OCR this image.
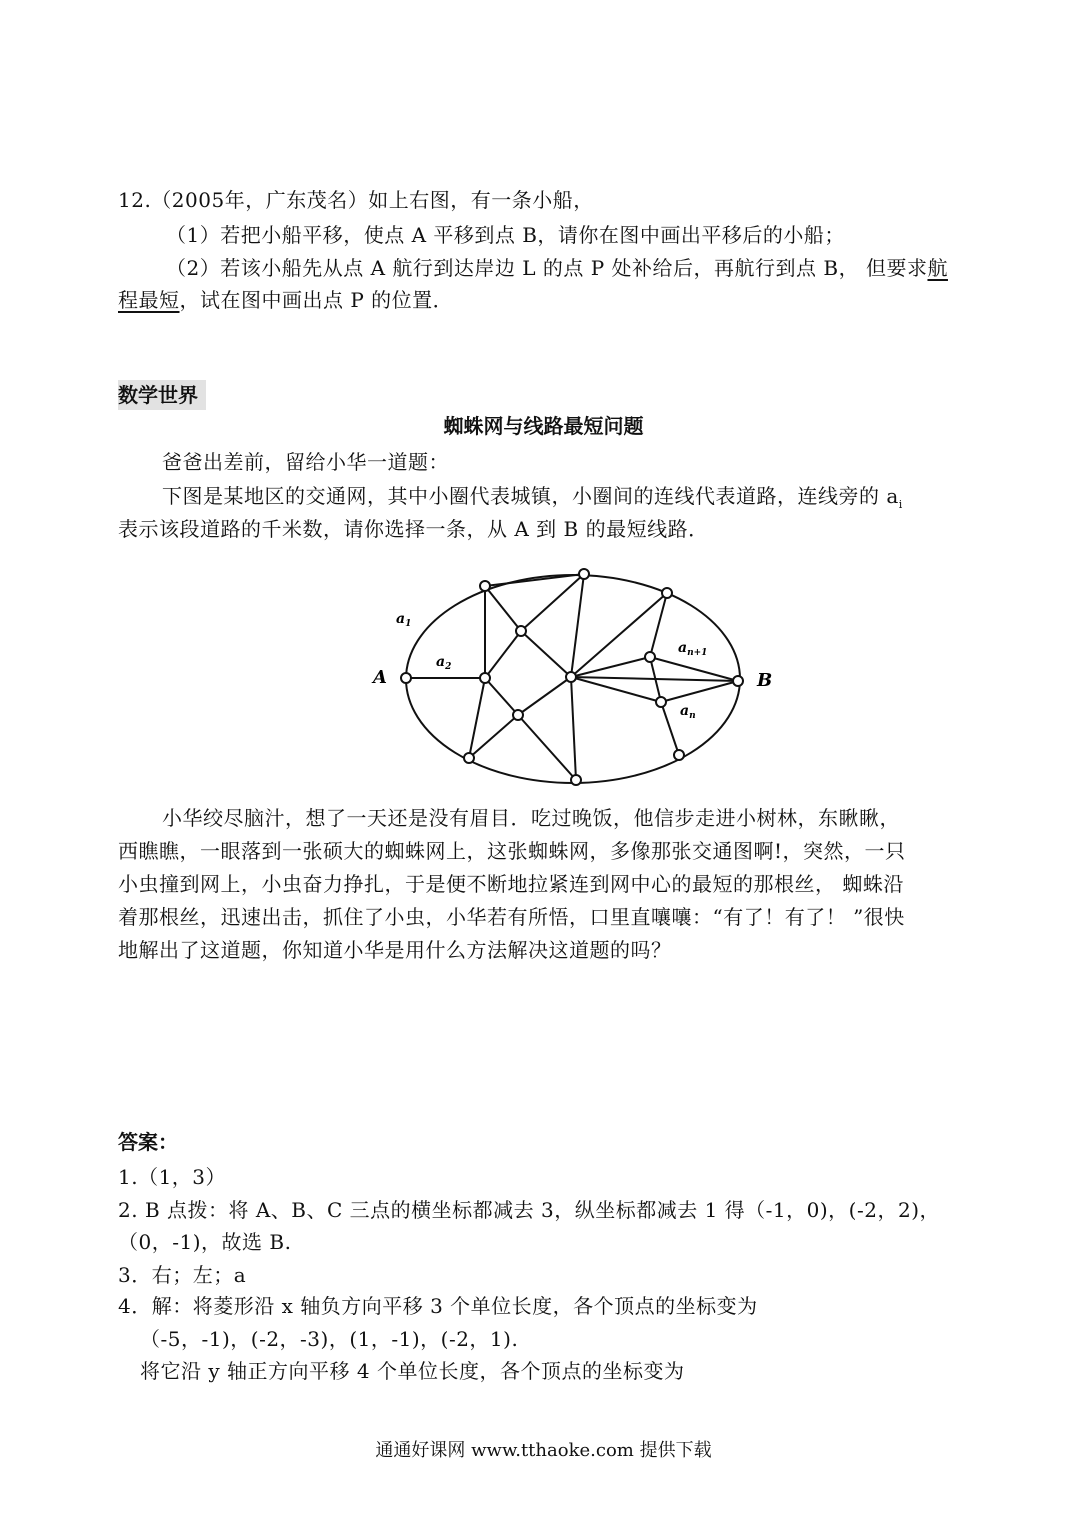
12.（2005年，广东茂名）如上右图，有一条小船，
（1）若把小船平移，使点 A 平移到点 B，请你在图中画出平移后的小船；
（2）若该小船先从点 A 航行到达岸边 L 的点 P 处补给后，再航行到点 B， 但要求航
程最短，试在图中画出点 P 的位置．
数学世界
蜘蛛网与线路最短问题
爸爸出差前，留给小华一道题：
下图是某地区的交通网，其中小圈代表城镇，小圈间的连线代表道路，连线旁的 $a_i$
表示该段道路的千米数，请你选择一条，从 A 到 B 的最短线路．
A	B
$a_1$
$a_2$
$a_{n+1}$
$a_n$
小华绞尽脑汁，想了一天还是没有眉目．吃过晚饭，他信步走进小树林，东瞅瞅，
西瞧瞧，一眼落到一张硕大的蜘蛛网上，这张蜘蛛网，多像那张交通图啊!，突然，一只
小虫撞到网上，小虫奋力挣扎，于是便不断地拉紧连到网中心的最短的那根丝， 蜘蛛沿
着那根丝，迅速出击，抓住了小虫，小华若有所悟，口里直嚷嚷：“有了！有了！ ”很快
地解出了这道题，你知道小华是用什么方法解决这道题的吗？
答案：
1.（1，3）
2. B 点拨：将 A、B、C 三点的横坐标都减去 3，纵坐标都减去 1 得（-1，0)，(-2，2)，
（0，-1)，故选 B.
3．右；左；a
4．解：将菱形沿 x 轴负方向平移 3 个单位长度，各个顶点的坐标变为
（-5，-1)，(-2，-3)，(1，-1)，(-2，1).
将它沿 y 轴正方向平移 4 个单位长度，各个顶点的坐标变为
通通好课网 www.tthaoke.com 提供下载
